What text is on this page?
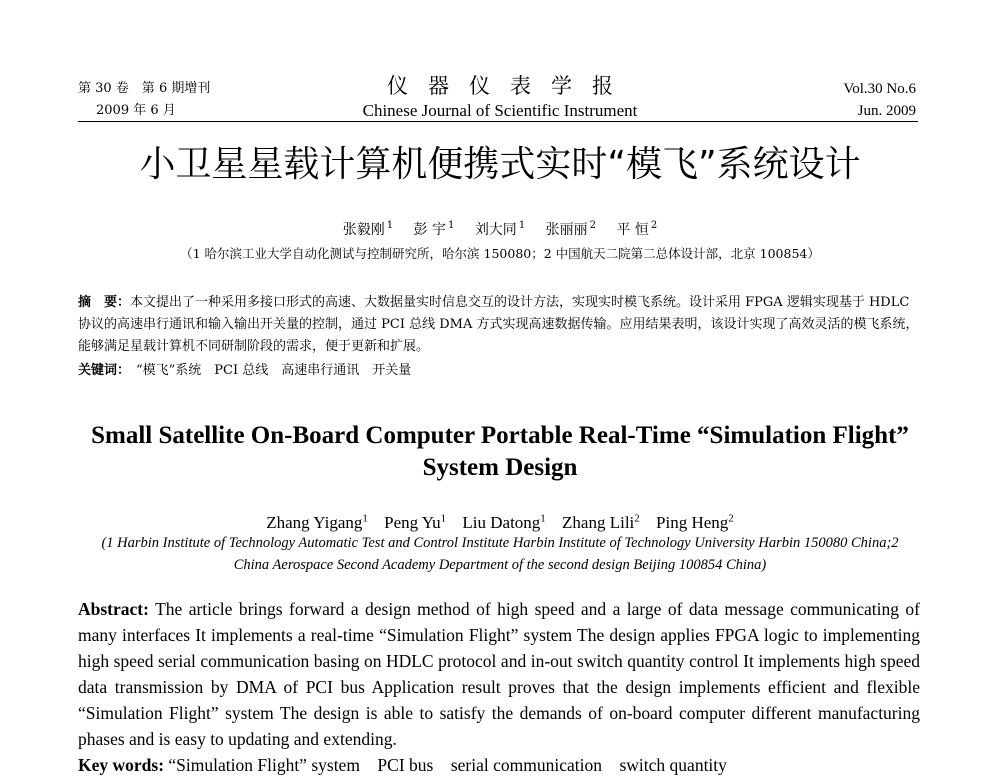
第 30 卷　第 6 期增刊
2009 年 6 月
仪器仪表学报
Chinese Journal of Scientific Instrument
Vol.30 No.6
Jun. 2009
小卫星星载计算机便携式实时“模飞”系统设计
张毅刚 $^1$ 彭 宇 $^1$ 刘大同 $^1$ 张丽丽 $^2$ 平 恒 $^2$
（1 哈尔滨工业大学自动化测试与控制研究所，哈尔滨 150080；2 中国航天二院第二总体设计部，北京 100854）
摘　要：本文提出了一种采用多接口形式的高速、大数据量实时信息交互的设计方法，实现实时模飞系统。设计采用 FPGA 逻辑实现基于 HDLC 协议的高速串行通讯和输入输出开关量的控制，通过 PCI 总线 DMA 方式实现高速数据传输。应用结果表明，该设计实现了高效灵活的模飞系统，能够满足星载计算机不同研制阶段的需求，便于更新和扩展。
关键词： “模飞”系统　PCI 总线　高速串行通讯　开关量
Small Satellite On-Board Computer Portable Real-Time “Simulation Flight” System Design
Zhang Yigang$^1$ Peng Yu$^1$ Liu Datong$^1$ Zhang Lili$^2$ Ping Heng$^2$
(1 Harbin Institute of Technology Automatic Test and Control Institute Harbin Institute of Technology University Harbin 150080 China;2 China Aerospace Second Academy Department of the second design Beijing 100854 China)
Abstract: The article brings forward a design method of high speed and a large of data message communicating of many interfaces It implements a real-time “Simulation Flight” system The design applies FPGA logic to implementing high speed serial communication basing on HDLC protocol and in-out switch quantity control It implements high speed data transmission by DMA of PCI bus Application result proves that the design implements efficient and flexible “Simulation Flight” system The design is able to satisfy the demands of on-board computer different manufacturing phases and is easy to updating and extending.
Key words: “Simulation Flight” system　PCI bus　serial communication　switch quantity
